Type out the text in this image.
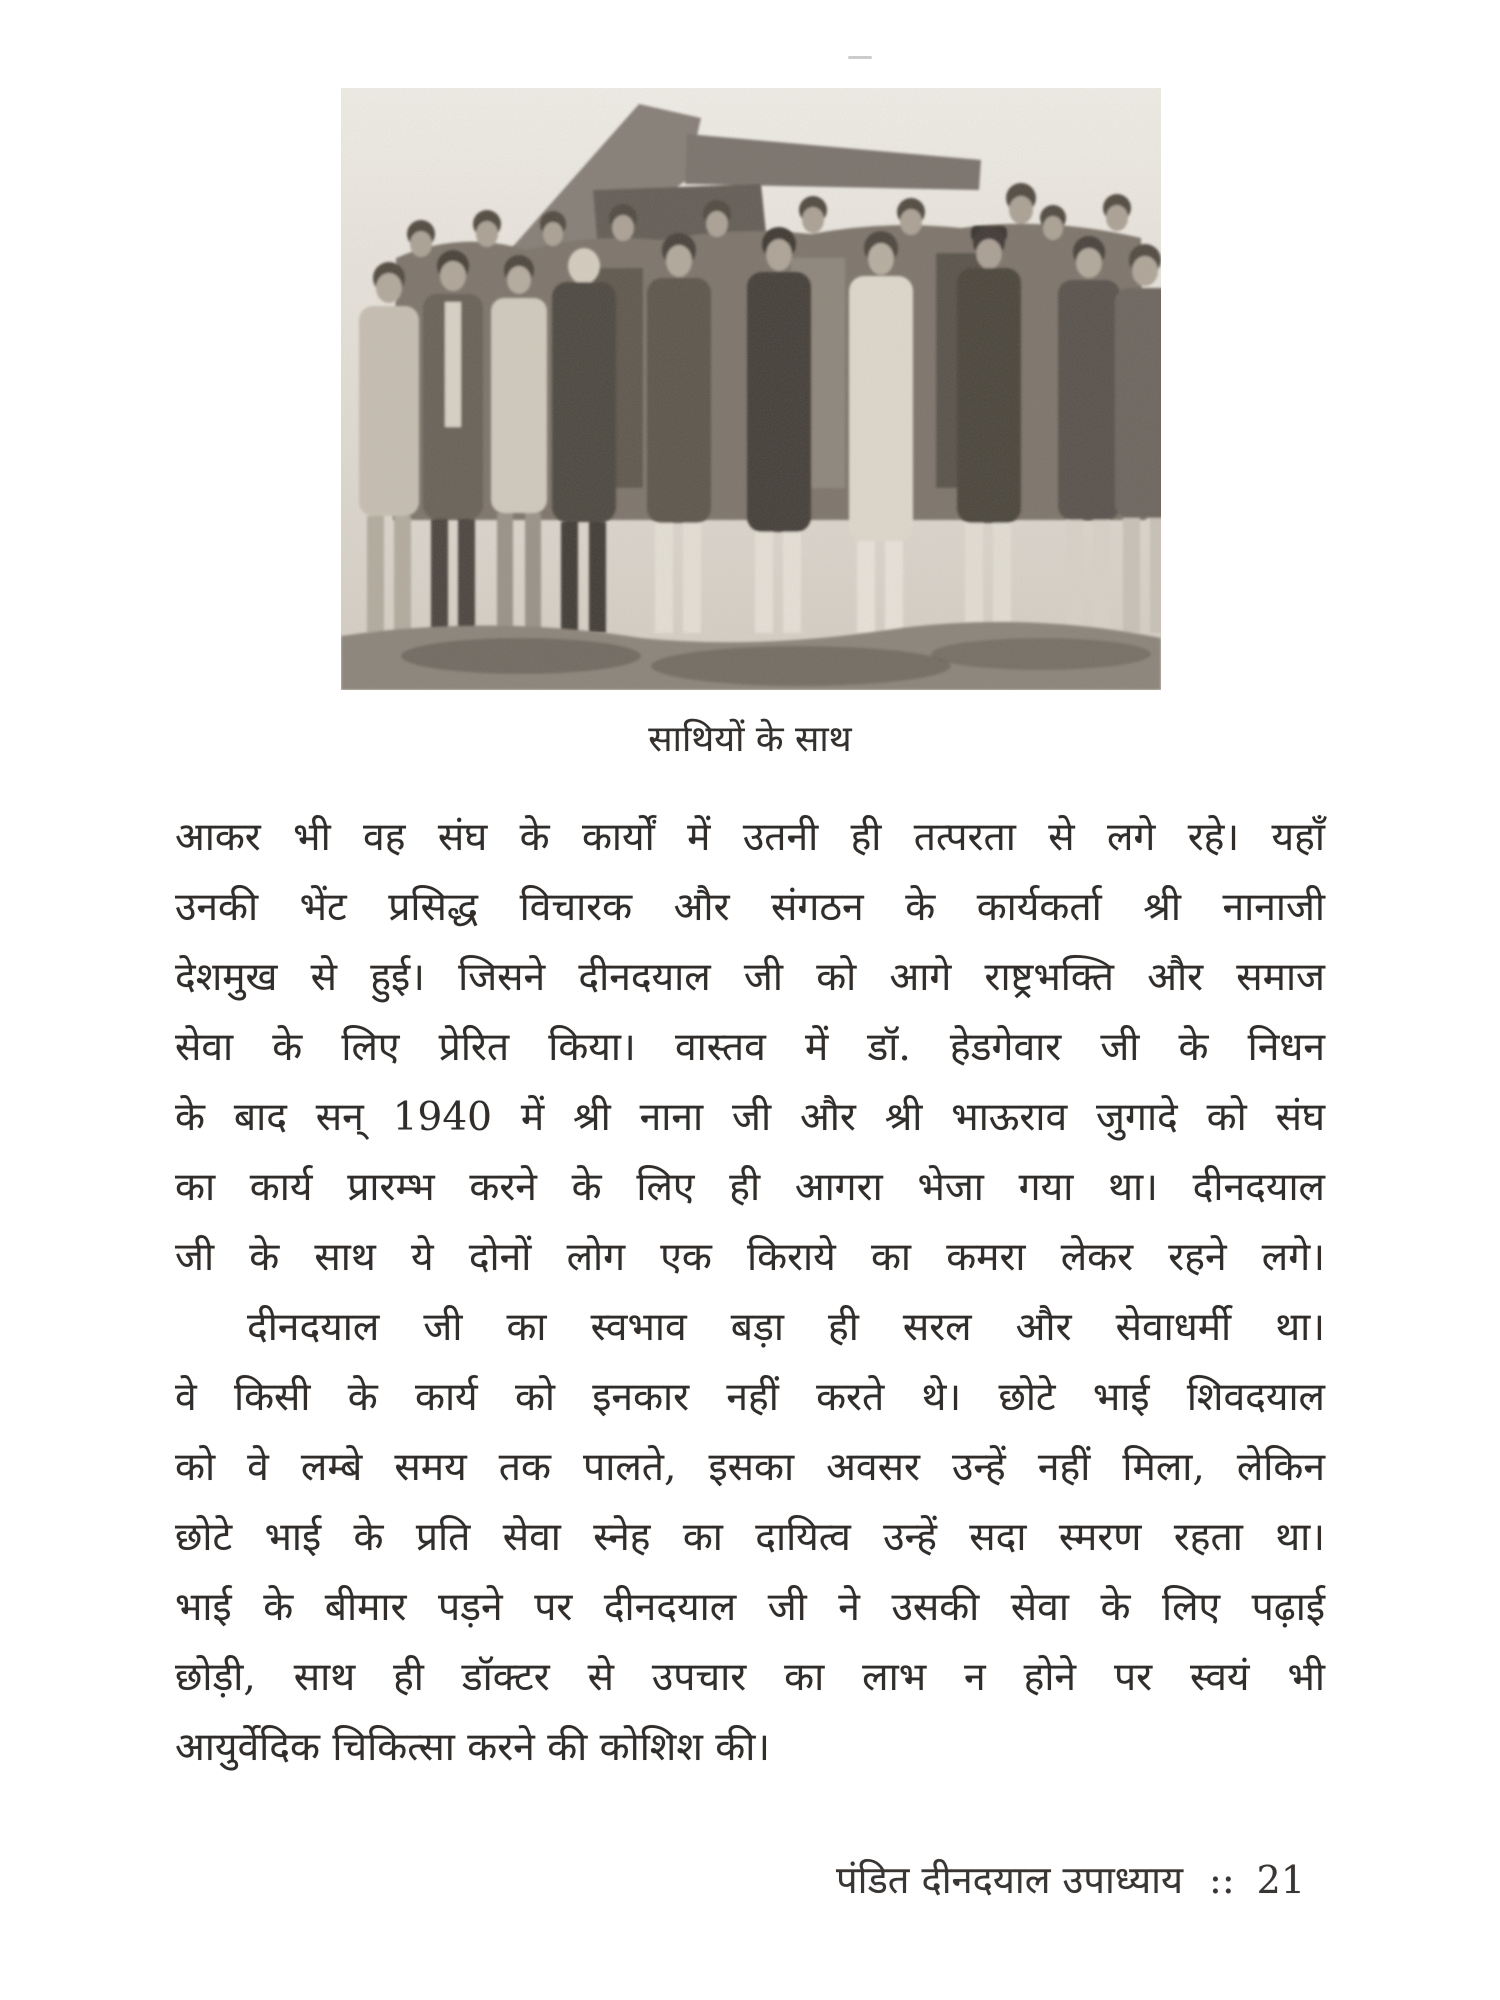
साथियों के साथ
आकर भी वह संघ के कार्यों में उतनी ही तत्परता से लगे रहे। यहाँ
उनकी भेंट प्रसिद्ध विचारक और संगठन के कार्यकर्ता श्री नानाजी
देशमुख से हुई। जिसने दीनदयाल जी को आगे राष्ट्रभक्ति और समाज
सेवा के लिए प्रेरित किया। वास्तव में डॉ. हेडगेवार जी के निधन
के बाद सन् 1940 में श्री नाना जी और श्री भाऊराव जुगादे को संघ
का कार्य प्रारम्भ करने के लिए ही आगरा भेजा गया था। दीनदयाल
जी के साथ ये दोनों लोग एक किराये का कमरा लेकर रहने लगे।
दीनदयाल जी का स्वभाव बड़ा ही सरल और सेवाधर्मी था।
वे किसी के कार्य को इनकार नहीं करते थे। छोटे भाई शिवदयाल
को वे लम्बे समय तक पालते, इसका अवसर उन्हें नहीं मिला, लेकिन
छोटे भाई के प्रति सेवा स्नेह का दायित्व उन्हें सदा स्मरण रहता था।
भाई के बीमार पड़ने पर दीनदयाल जी ने उसकी सेवा के लिए पढ़ाई
छोड़ी, साथ ही डॉक्टर से उपचार का लाभ न होने पर स्वयं भी
आयुर्वेदिक चिकित्सा करने की कोशिश की।
पंडित दीनदयाल उपाध्याय :: 21
